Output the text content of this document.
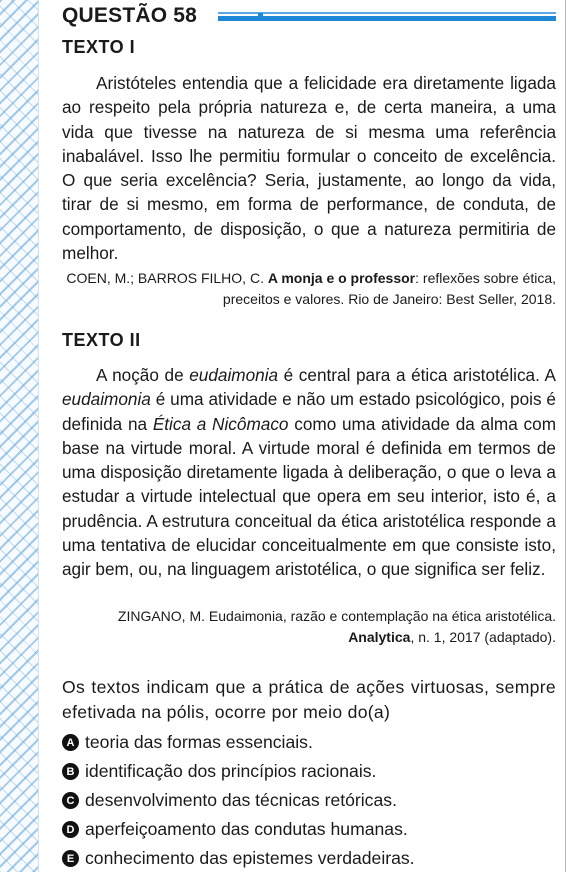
QUESTÃO 58
TEXTO I

Aristóteles entendia que a felicidade era diretamente ligada ao respeito pela própria natureza e, de certa maneira, a uma vida que tivesse na natureza de si mesma uma referência inabalável. Isso lhe permitiu formular o conceito de excelência. O que seria excelência? Seria, justamente, ao longo da vida, tirar de si mesmo, em forma de performance, de conduta, de comportamento, de disposição, o que a natureza permitiria de melhor.

COEN, M.; BARROS FILHO, C. A monja e o professor: reflexões sobre ética, preceitos e valores. Rio de Janeiro: Best Seller, 2018.

TEXTO II

A noção de eudaimonia é central para a ética aristotélica. A eudaimonia é uma atividade e não um estado psicológico, pois é definida na Ética a Nicômaco como uma atividade da alma com base na virtude moral. A virtude moral é definida em termos de uma disposição diretamente ligada à deliberação, o que o leva a estudar a virtude intelectual que opera em seu interior, isto é, a prudência. A estrutura conceitual da ética aristotélica responde a uma tentativa de elucidar conceitualmente em que consiste isto, agir bem, ou, na linguagem aristotélica, o que significa ser feliz.

ZINGANO, M. Eudaimonia, razão e contemplação na ética aristotélica. Analytica, n. 1, 2017 (adaptado).

Os textos indicam que a prática de ações virtuosas, sempre efetivada na pólis, ocorre por meio do(a)

A teoria das formas essenciais.
B identificação dos princípios racionais.
C desenvolvimento das técnicas retóricas.
D aperfeiçoamento das condutas humanas.
E conhecimento das epistemes verdadeiras.
